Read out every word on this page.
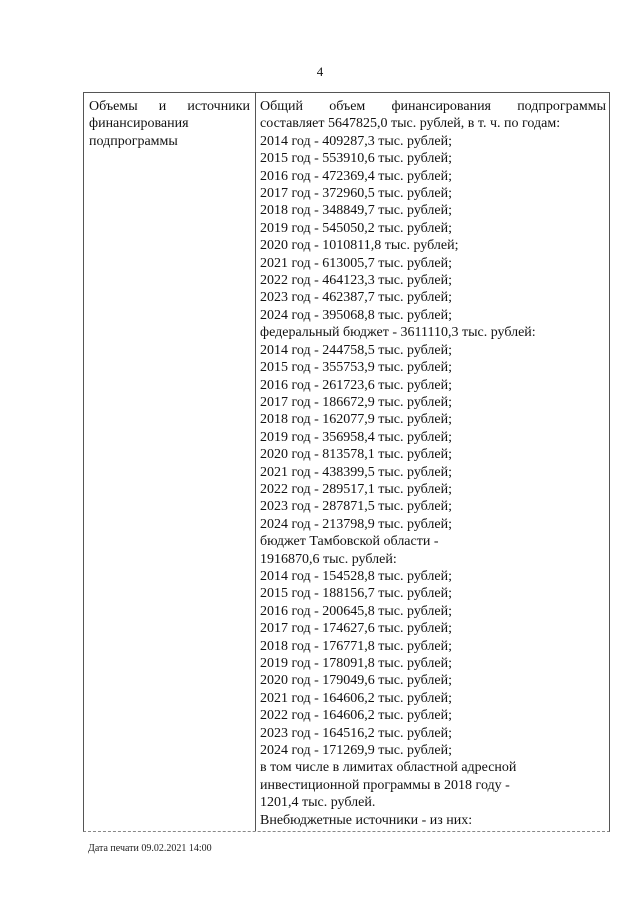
4
Объемы и источники
финансирования
подпрограммы
Общий объем финансирования подпрограммы
составляет 5647825,0 тыс. рублей, в т. ч. по годам:
2014 год - 409287,3 тыс. рублей;
2015 год - 553910,6 тыс. рублей;
2016 год - 472369,4 тыс. рублей;
2017 год - 372960,5 тыс. рублей;
2018 год - 348849,7 тыс. рублей;
2019 год - 545050,2 тыс. рублей;
2020 год - 1010811,8 тыс. рублей;
2021 год - 613005,7 тыс. рублей;
2022 год - 464123,3 тыс. рублей;
2023 год - 462387,7 тыс. рублей;
2024 год - 395068,8 тыс. рублей;
федеральный бюджет - 3611110,3 тыс. рублей:
2014 год - 244758,5 тыс. рублей;
2015 год - 355753,9 тыс. рублей;
2016 год - 261723,6 тыс. рублей;
2017 год - 186672,9 тыс. рублей;
2018 год - 162077,9 тыс. рублей;
2019 год - 356958,4 тыс. рублей;
2020 год - 813578,1 тыс. рублей;
2021 год - 438399,5 тыс. рублей;
2022 год - 289517,1 тыс. рублей;
2023 год - 287871,5 тыс. рублей;
2024 год - 213798,9 тыс. рублей;
бюджет Тамбовской области -
1916870,6 тыс. рублей:
2014 год - 154528,8 тыс. рублей;
2015 год - 188156,7 тыс. рублей;
2016 год - 200645,8 тыс. рублей;
2017 год - 174627,6 тыс. рублей;
2018 год - 176771,8 тыс. рублей;
2019 год - 178091,8 тыс. рублей;
2020 год - 179049,6 тыс. рублей;
2021 год - 164606,2 тыс. рублей;
2022 год - 164606,2 тыс. рублей;
2023 год - 164516,2 тыс. рублей;
2024 год - 171269,9 тыс. рублей;
в том числе в лимитах областной адресной
инвестиционной программы в 2018 году -
1201,4 тыс. рублей.
Внебюджетные источники - из них:
Дата печати 09.02.2021 14:00
